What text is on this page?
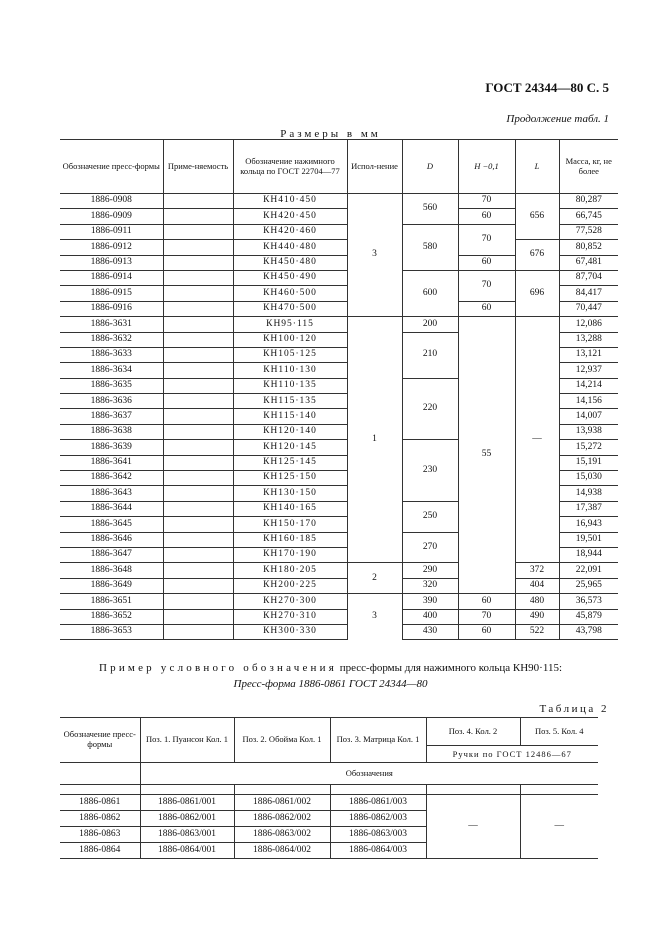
ГОСТ 24344—80 С. 5
Продолжение табл. 1
Размеры в мм
Обозначение пресс-формы	Приме-няемость	Обозначение нажимного кольца по ГОСТ 22704—77	Испол-нение	D	H −0,1	L	Масса, кг, не более
1886-0908		КН410·450	3	560	70	656	80,287
1886-0909		КН420·450			60		66,745
1886-0911		КН420·460		580	70		77,528
1886-0912		КН440·480				676	80,852
1886-0913		КН450·480			60		67,481
1886-0914		КН450·490		600	70	696	87,704
1886-0915		КН460·500					84,417
1886-0916		КН470·500			60		70,447
1886-3631		КН95·115	1	200	55	—	12,086
1886-3632		КН100·120		210			13,288
1886-3633		КН105·125					13,121
1886-3634		КН110·130					12,937
1886-3635		КН110·135		220			14,214
1886-3636		КН115·135					14,156
1886-3637		КН115·140					14,007
1886-3638		КН120·140					13,938
1886-3639		КН120·145		230			15,272
1886-3641		КН125·145					15,191
1886-3642		КН125·150					15,030
1886-3643		КН130·150					14,938
1886-3644		КН140·165		250			17,387
1886-3645		КН150·170					16,943
1886-3646		КН160·185		270			19,501
1886-3647		КН170·190					18,944
1886-3648		КН180·205	2	290		372	22,091
1886-3649		КН200·225		320		404	25,965
1886-3651		КН270·300	3	390	60	480	36,573
1886-3652		КН270·310		400	70	490	45,879
1886-3653		КН300·330		430	60	522	43,798
Пример условного обозначения пресс-формы для нажимного кольца КН90·115:
Пресс-форма 1886-0861 ГОСТ 24344—80
Таблица 2
Обозначение пресс-формы	Поз. 1. Пуансон Кол. 1	Поз. 2. Обойма Кол. 1	Поз. 3. Матрица Кол. 1	Поз. 4. Кол. 2	Поз. 5. Кол. 4
				Ручки по ГОСТ 12486—67	
	Обозначения				

1886-0861	1886-0861/001	1886-0861/002	1886-0861/003	—	—
1886-0862	1886-0862/001	1886-0862/002	1886-0862/003		
1886-0863	1886-0863/001	1886-0863/002	1886-0863/003		
1886-0864	1886-0864/001	1886-0864/002	1886-0864/003		
